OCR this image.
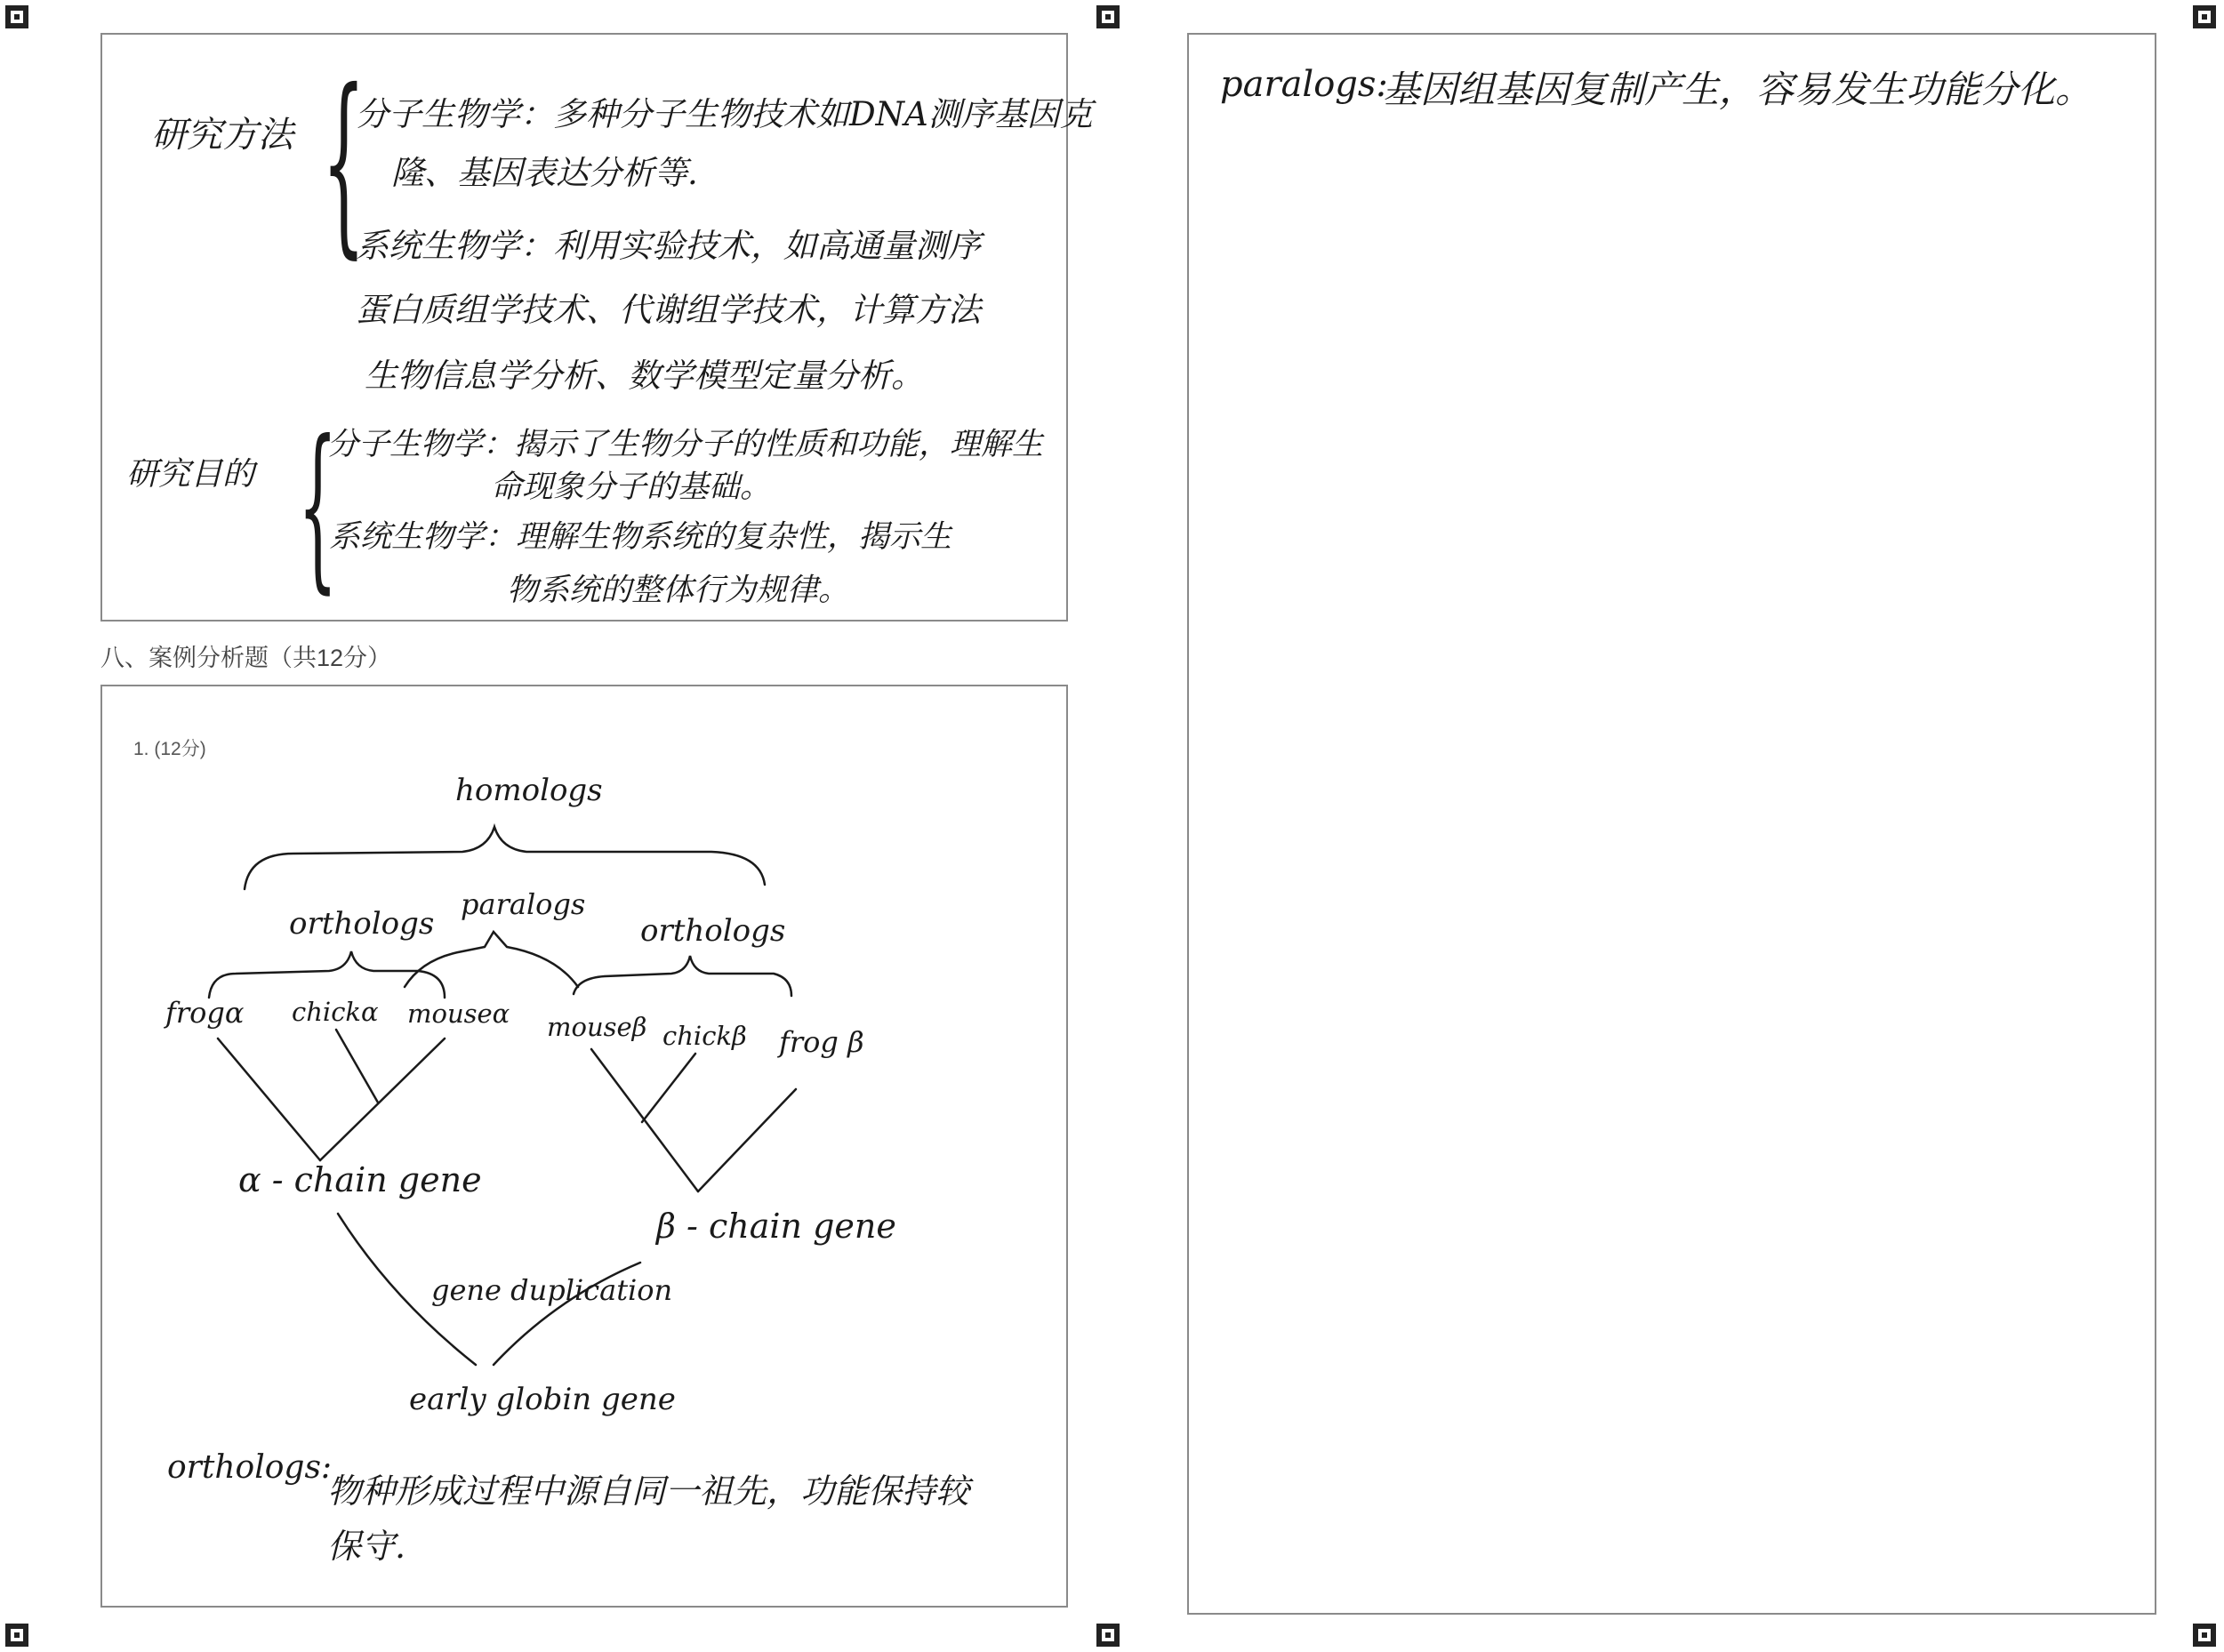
研究方法 {
分子生物学：多种分子生物技术如DNA测序基因克
隆、基因表达分析等.
系统生物学：利用实验技术，如高通量测序
蛋白质组学技术、代谢组学技术，计算方法
生物信息学分析、数学模型定量分析。
研究目的 {
分子生物学：揭示了生物分子的性质和功能，理解生
命现象分子的基础。
系统生物学：理解生物系统的复杂性，揭示生
物系统的整体行为规律。
八、案例分析题（共12分）
1. (12分)
homologs
orthologs
paralogs
orthologs
frogα chickα mouseα mouseβ chickβ frog β
α - chain gene
β - chain gene
gene duplication
early globin gene
orthologs:
物种形成过程中源自同一祖先，功能保持较
保守.
paralogs:
基因组基因复制产生，容易发生功能分化。
